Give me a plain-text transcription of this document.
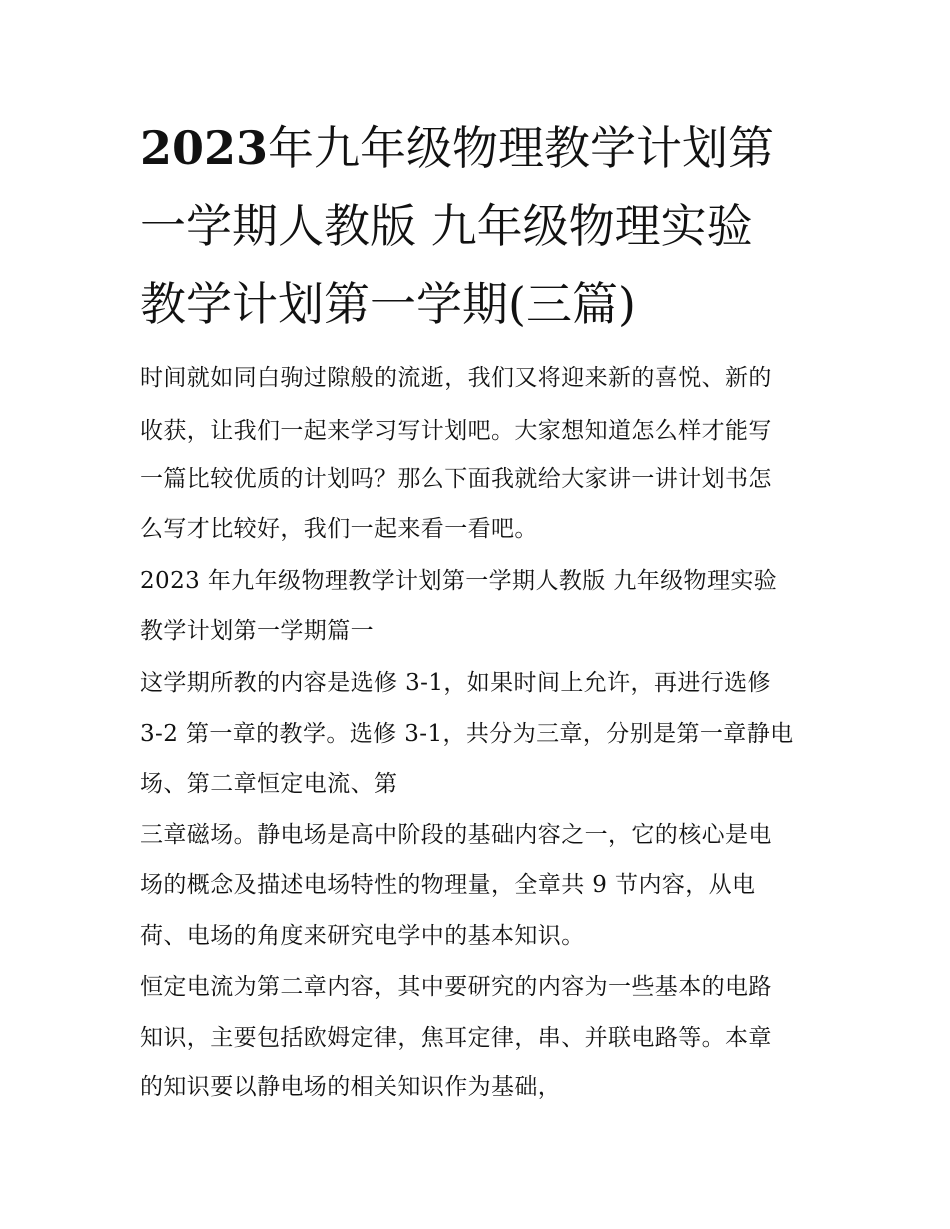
2023年九年级物理教学计划第
一学期人教版 九年级物理实验
教学计划第一学期(三篇)
时间就如同白驹过隙般的流逝，我们又将迎来新的喜悦、新的
收获，让我们一起来学习写计划吧。大家想知道怎么样才能写
一篇比较优质的计划吗？那么下面我就给大家讲一讲计划书怎
么写才比较好，我们一起来看一看吧。
2023 年九年级物理教学计划第一学期人教版 九年级物理实验
教学计划第一学期篇一
这学期所教的内容是选修 3-1，如果时间上允许，再进行选修
3-2 第一章的教学。选修 3-1，共分为三章，分别是第一章静电
场、第二章恒定电流、第
三章磁场。静电场是高中阶段的基础内容之一，它的核心是电
场的概念及描述电场特性的物理量，全章共 9 节内容，从电
荷、电场的角度来研究电学中的基本知识。
恒定电流为第二章内容，其中要研究的内容为一些基本的电路
知识，主要包括欧姆定律，焦耳定律，串、并联电路等。本章
的知识要以静电场的相关知识作为基础，
